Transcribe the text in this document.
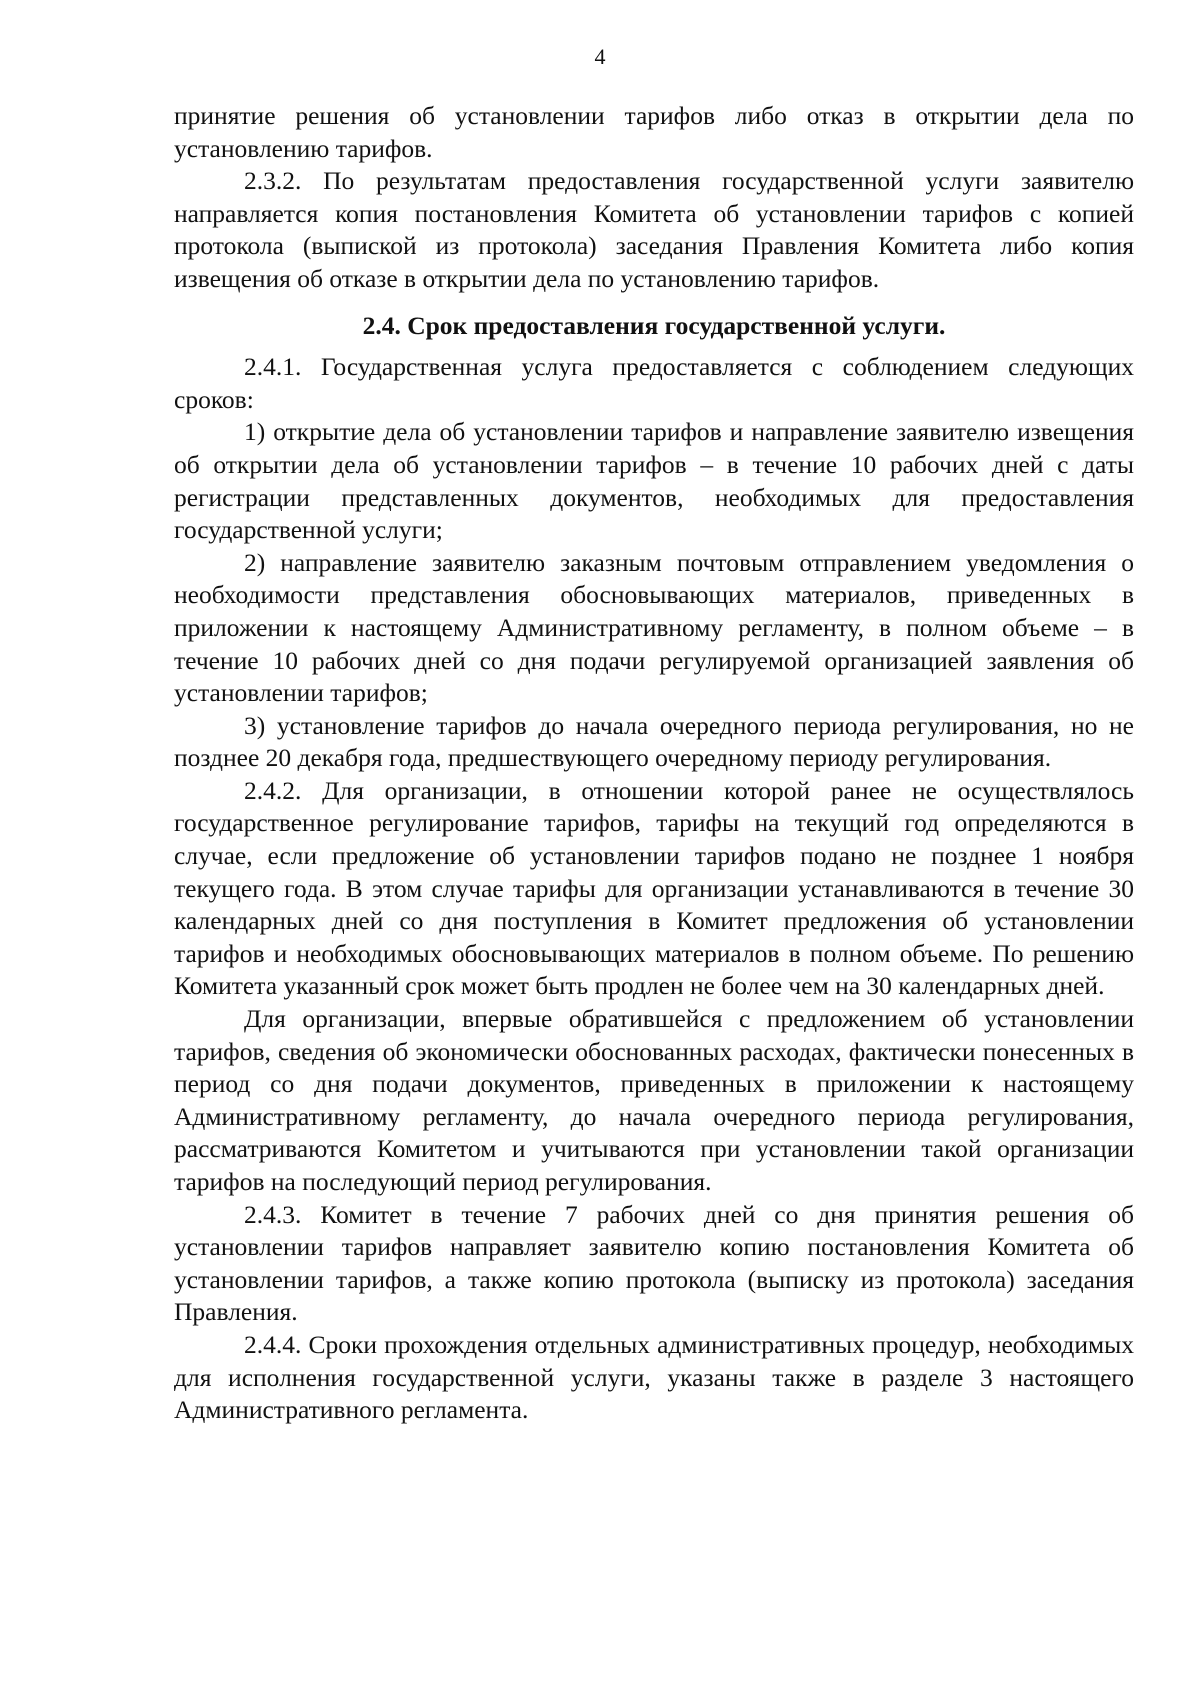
4

принятие решения об установлении тарифов либо отказ в открытии дела по установлению тарифов.

2.3.2. По результатам предоставления государственной услуги заявителю направляется копия постановления Комитета об установлении тарифов с копией протокола (выпиской из протокола) заседания Правления Комитета либо копия извещения об отказе в открытии дела по установлению тарифов.

2.4. Срок предоставления государственной услуги.

2.4.1. Государственная услуга предоставляется с соблюдением следующих сроков:

1) открытие дела об установлении тарифов и направление заявителю извещения об открытии дела об установлении тарифов – в течение 10 рабочих дней с даты регистрации представленных документов, необходимых для предоставления государственной услуги;

2) направление заявителю заказным почтовым отправлением уведомления о необходимости представления обосновывающих материалов, приведенных в приложении к настоящему Административному регламенту, в полном объеме – в течение 10 рабочих дней со дня подачи регулируемой организацией заявления об установлении тарифов;

3) установление тарифов до начала очередного периода регулирования, но не позднее 20 декабря года, предшествующего очередному периоду регулирования.

2.4.2. Для организации, в отношении которой ранее не осуществлялось государственное регулирование тарифов, тарифы на текущий год определяются в случае, если предложение об установлении тарифов подано не позднее 1 ноября текущего года. В этом случае тарифы для организации устанавливаются в течение 30 календарных дней со дня поступления в Комитет предложения об установлении тарифов и необходимых обосновывающих материалов в полном объеме. По решению Комитета указанный срок может быть продлен не более чем на 30 календарных дней.

Для организации, впервые обратившейся с предложением об установлении тарифов, сведения об экономически обоснованных расходах, фактически понесенных в период со дня подачи документов, приведенных в приложении к настоящему Административному регламенту, до начала очередного периода регулирования, рассматриваются Комитетом и учитываются при установлении такой организации тарифов на последующий период регулирования.

2.4.3. Комитет в течение 7 рабочих дней со дня принятия решения об установлении тарифов направляет заявителю копию постановления Комитета об установлении тарифов, а также копию протокола (выписку из протокола) заседания Правления.

2.4.4. Сроки прохождения отдельных административных процедур, необходимых для исполнения государственной услуги, указаны также в разделе 3 настоящего Административного регламента.
